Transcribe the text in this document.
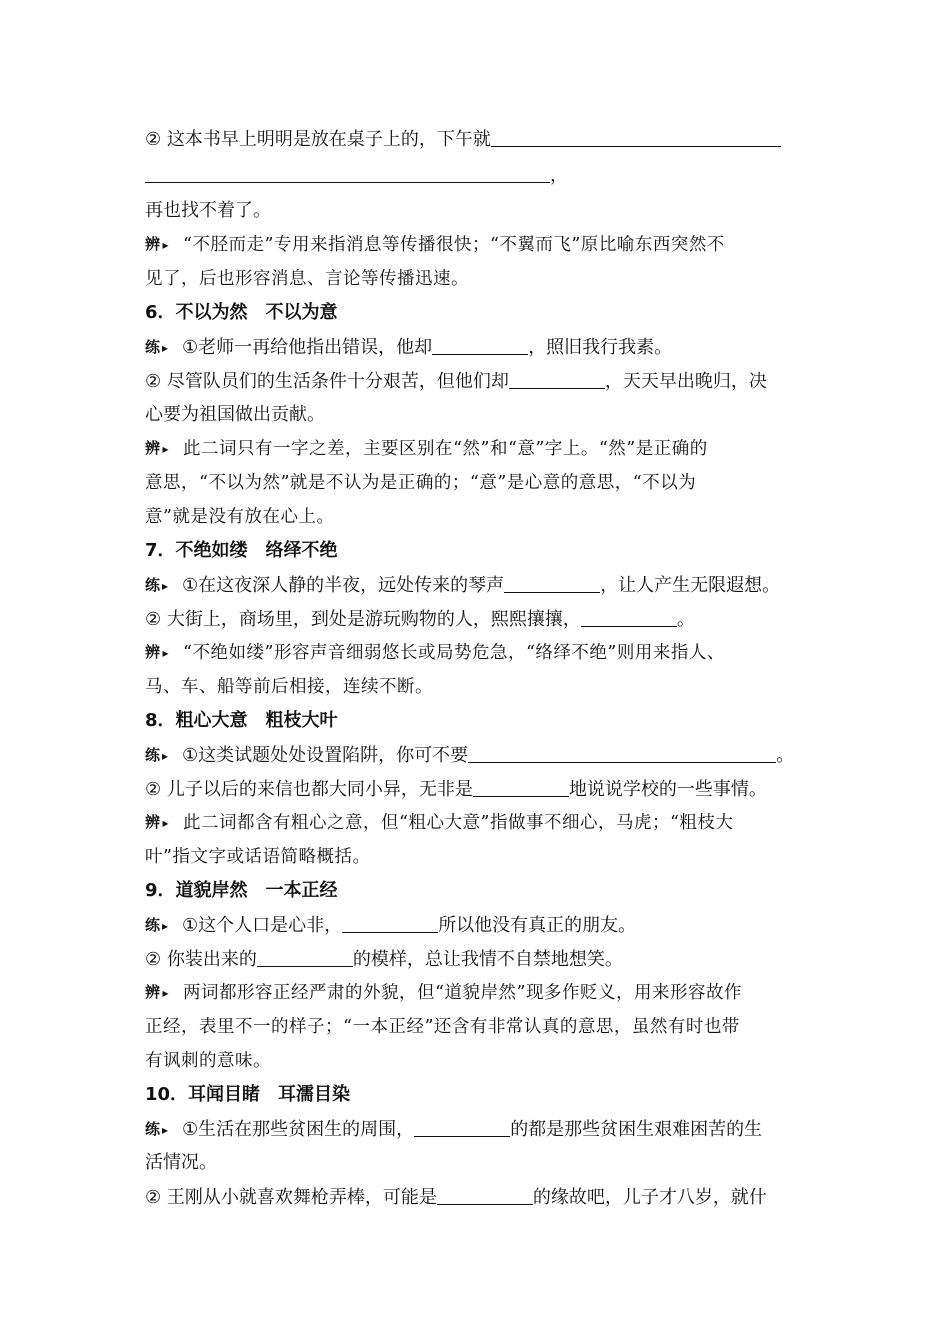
② 这本书早上明明是放在桌子上的，下午就
，
再也找不着了。
辨 ▸ “不胫而走”专用来指消息等传播很快；“不翼而飞”原比喻东西突然不
见了，后也形容消息、言论等传播迅速。
6．不以为然　不以为意
练 ▸ ①老师一再给他指出错误，他却	，照旧我行我素。
② 尽管队员们的生活条件十分艰苦，但他们却	，天天早出晚归，决
心要为祖国做出贡献。
辨 ▸ 此二词只有一字之差，主要区别在“然”和“意”字上。“然”是正确的
意思，“不以为然”就是不认为是正确的；“意”是心意的意思，“不以为
意”就是没有放在心上。
7．不绝如缕　络绎不绝
练 ▸ ①在这夜深人静的半夜，远处传来的琴声	，让人产生无限遐想。
② 大街上，商场里，到处是游玩购物的人，熙熙攘攘，	。
辨 ▸ “不绝如缕”形容声音细弱悠长或局势危急，“络绎不绝”则用来指人、
马、车、船等前后相接，连续不断。
8．粗心大意　粗枝大叶
练 ▸ ①这类试题处处设置陷阱，你可不要	。
② 儿子以后的来信也都大同小异，无非是	地说说学校的一些事情。
辨 ▸ 此二词都含有粗心之意，但“粗心大意”指做事不细心，马虎；“粗枝大
叶”指文字或话语简略概括。
9．道貌岸然　一本正经
练 ▸ ①这个人口是心非，	所以他没有真正的朋友。
② 你装出来的	的模样，总让我情不自禁地想笑。
辨 ▸ 两词都形容正经严肃的外貌，但“道貌岸然”现多作贬义，用来形容故作
正经，表里不一的样子；“一本正经”还含有非常认真的意思，虽然有时也带
有讽刺的意味。
10．耳闻目睹　耳濡目染
练 ▸ ①生活在那些贫困生的周围，	的都是那些贫困生艰难困苦的生
活情况。
② 王刚从小就喜欢舞枪弄棒，可能是	的缘故吧，儿子才八岁，就什
